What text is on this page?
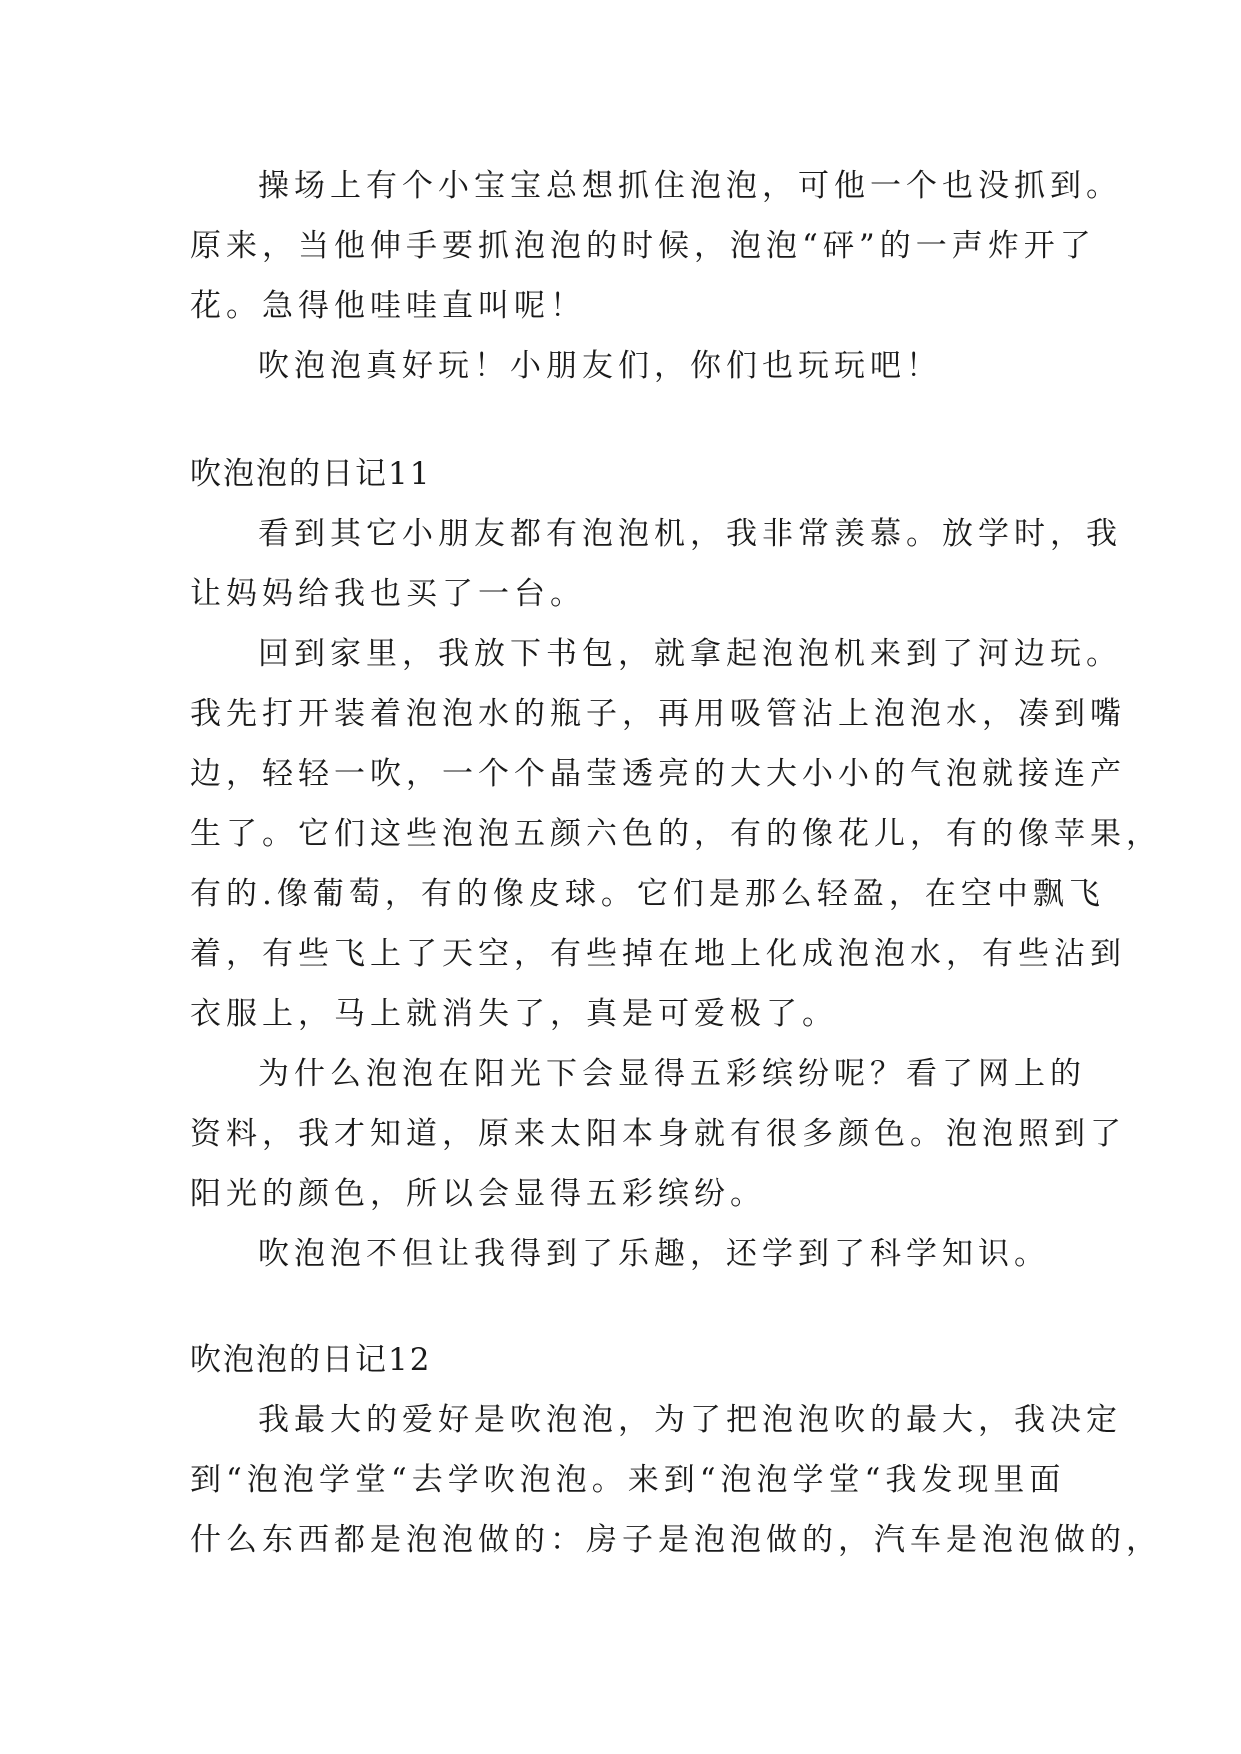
操场上有个小宝宝总想抓住泡泡，可他一个也没抓到。
原来，当他伸手要抓泡泡的时候，泡泡“砰”的一声炸开了
花。急得他哇哇直叫呢！
吹泡泡真好玩！小朋友们，你们也玩玩吧！
吹泡泡的日记11
看到其它小朋友都有泡泡机，我非常羡慕。放学时，我
让妈妈给我也买了一台。
回到家里，我放下书包，就拿起泡泡机来到了河边玩。
我先打开装着泡泡水的瓶子，再用吸管沾上泡泡水，凑到嘴
边，轻轻一吹，一个个晶莹透亮的大大小小的气泡就接连产
生了。它们这些泡泡五颜六色的，有的像花儿，有的像苹果，
有的.像葡萄，有的像皮球。它们是那么轻盈，在空中飘飞
着，有些飞上了天空，有些掉在地上化成泡泡水，有些沾到
衣服上，马上就消失了，真是可爱极了。
为什么泡泡在阳光下会显得五彩缤纷呢？看了网上的
资料，我才知道，原来太阳本身就有很多颜色。泡泡照到了
阳光的颜色，所以会显得五彩缤纷。
吹泡泡不但让我得到了乐趣，还学到了科学知识。
吹泡泡的日记12
我最大的爱好是吹泡泡，为了把泡泡吹的最大，我决定
到“泡泡学堂“去学吹泡泡。来到“泡泡学堂“我发现里面
什么东西都是泡泡做的：房子是泡泡做的，汽车是泡泡做的，
